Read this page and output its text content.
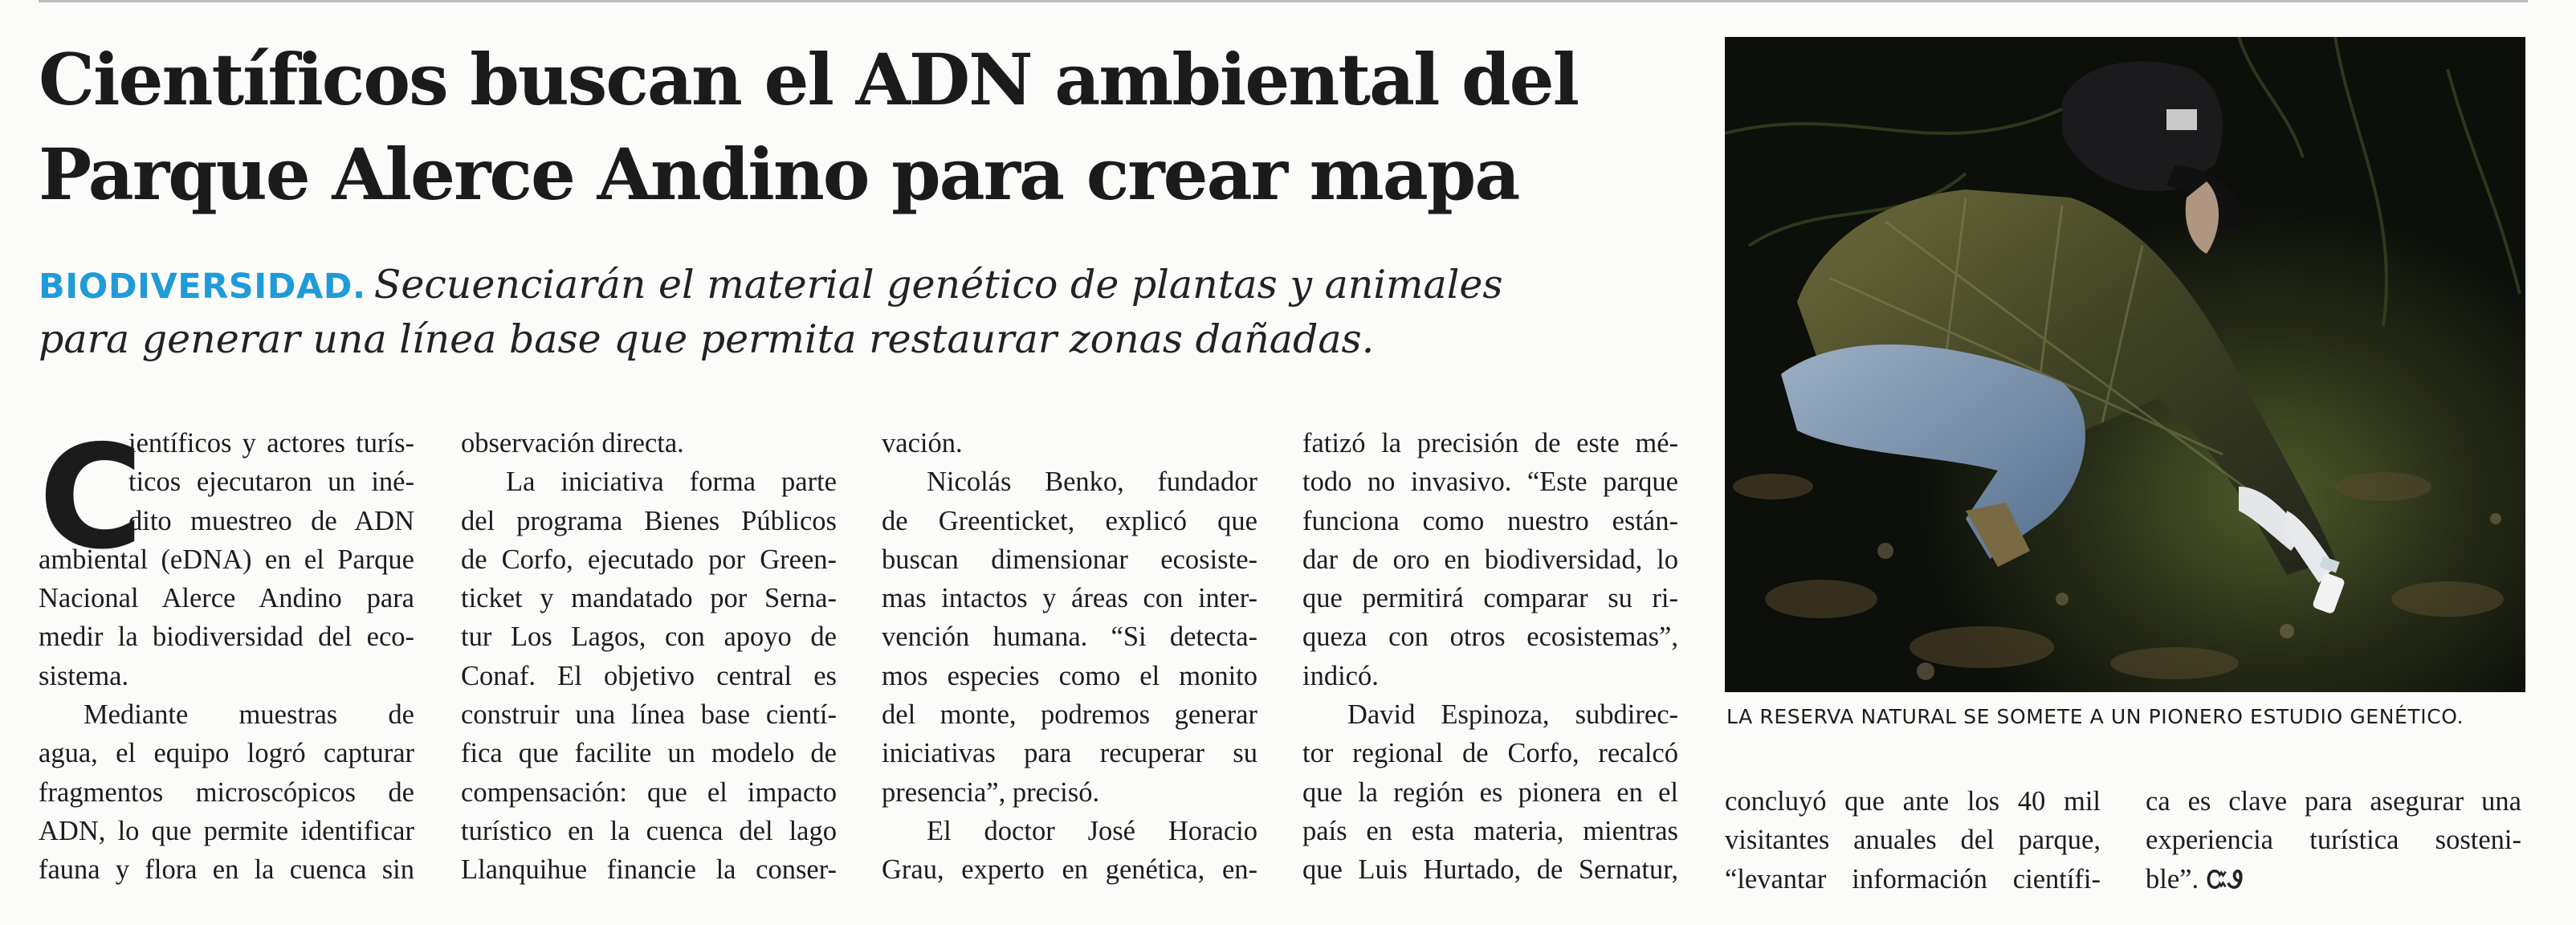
Científicos buscan el ADN ambiental del
Parque Alerce Andino para crear mapa

BIODIVERSIDAD. Secuenciarán el material genético de plantas y animales
para generar una línea base que permita restaurar zonas dañadas.

C
ientíficos y actores turís-
ticos ejecutaron un iné-
dito muestreo de ADN
ambiental (eDNA) en el Parque
Nacional Alerce Andino para
medir la biodiversidad del eco-
sistema.
Mediante muestras de
agua, el equipo logró capturar
fragmentos microscópicos de
ADN, lo que permite identificar
fauna y flora en la cuenca sin
observación directa.
La iniciativa forma parte
del programa Bienes Públicos
de Corfo, ejecutado por Green-
ticket y mandatado por Serna-
tur Los Lagos, con apoyo de
Conaf. El objetivo central es
construir una línea base cientí-
fica que facilite un modelo de
compensación: que el impacto
turístico en la cuenca del lago
Llanquihue financie la conser-
vación.
Nicolás Benko, fundador
de Greenticket, explicó que
buscan dimensionar ecosiste-
mas intactos y áreas con inter-
vención humana. “Si detecta-
mos especies como el monito
del monte, podremos generar
iniciativas para recuperar su
presencia”, precisó.
El doctor José Horacio
Grau, experto en genética, en-
fatizó la precisión de este mé-
todo no invasivo. “Este parque
funciona como nuestro están-
dar de oro en biodiversidad, lo
que permitirá comparar su ri-
queza con otros ecosistemas”,
indicó.
David Espinoza, subdirec-
tor regional de Corfo, recalcó
que la región es pionera en el
país en esta materia, mientras
que Luis Hurtado, de Sernatur,

LA RESERVA NATURAL SE SOMETE A UN PIONERO ESTUDIO GENÉTICO.

concluyó que ante los 40 mil
visitantes anuales del parque,
“levantar información científi-
ca es clave para asegurar una
experiencia turística sosteni-
ble”. ᏨᏭ
